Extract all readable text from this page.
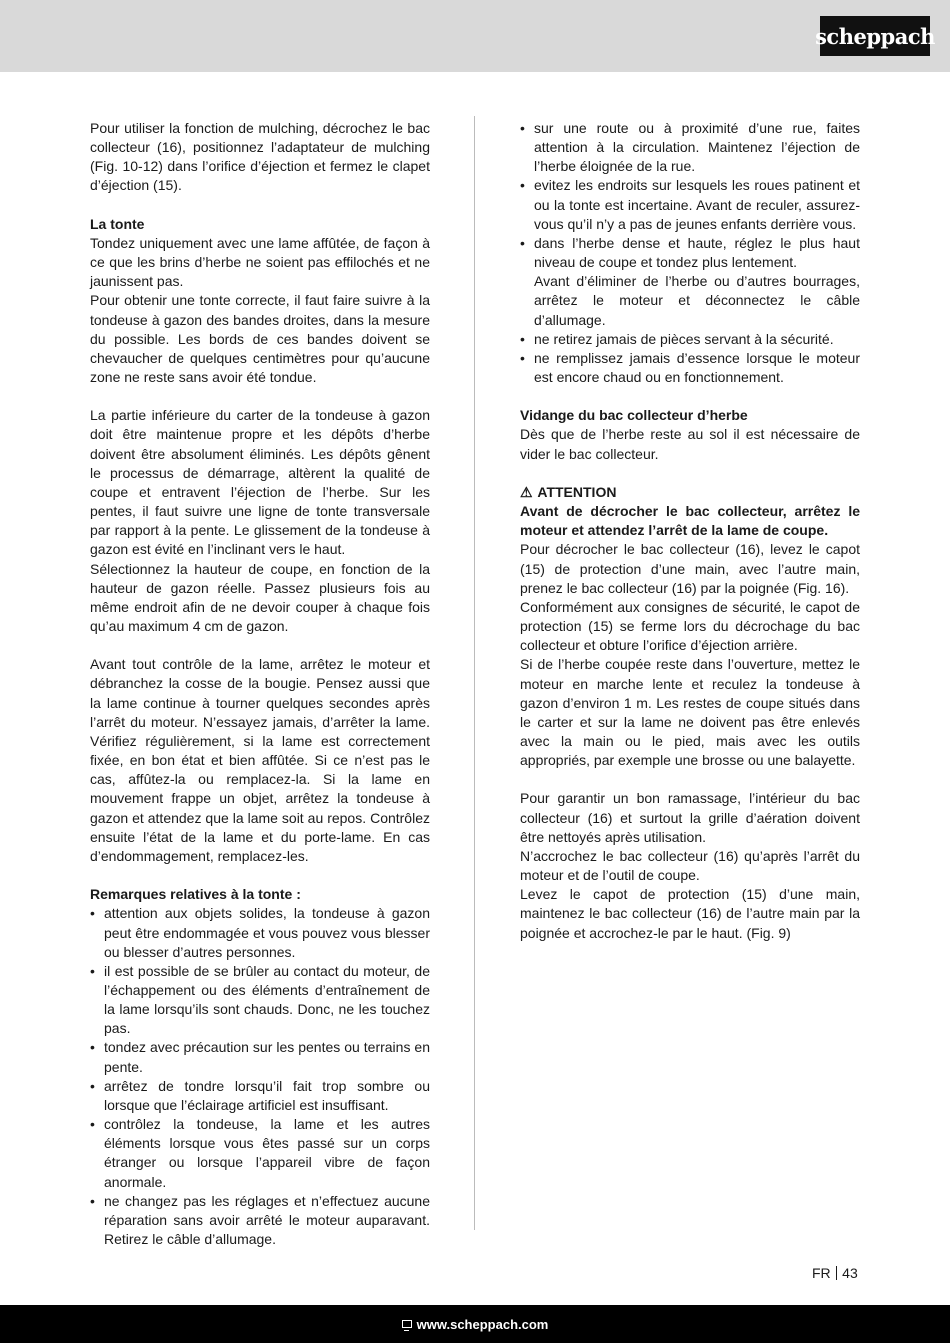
scheppach

Pour utiliser la fonction de mulching, décrochez le bac collecteur (16), positionnez l’adaptateur de mulching (Fig. 10-12) dans l’orifice d’éjection et fermez le clapet d’éjection (15).

La tonte

Tondez uniquement avec une lame affûtée, de façon à ce que les brins d’herbe ne soient pas effilochés et ne jaunissent pas.

Pour obtenir une tonte correcte, il faut faire suivre à la tondeuse à gazon des bandes droites, dans la mesure du possible. Les bords de ces bandes doivent se chevaucher de quelques centimètres pour qu’aucune zone ne reste sans avoir été tondue.

La partie inférieure du carter de la tondeuse à gazon doit être maintenue propre et les dépôts d’herbe doivent être absolument éliminés. Les dépôts gênent le processus de démarrage, altèrent la qualité de coupe et entravent l’éjection de l’herbe. Sur les pentes, il faut suivre une ligne de tonte transversale par rapport à la pente. Le glissement de la tondeuse à gazon est évité en l’inclinant vers le haut.

Sélectionnez la hauteur de coupe, en fonction de la hauteur de gazon réelle. Passez plusieurs fois au même endroit afin de ne devoir couper à chaque fois qu’au maximum 4 cm de gazon.

Avant tout contrôle de la lame, arrêtez le moteur et débranchez la cosse de la bougie. Pensez aussi que la lame continue à tourner quelques secondes après l’arrêt du moteur. N’essayez jamais, d’arrêter la lame. Vérifiez régulièrement, si la lame est correctement fixée, en bon état et bien affûtée. Si ce n’est pas le cas, affûtez-la ou remplacez-la. Si la lame en mouvement frappe un objet, arrêtez la tondeuse à gazon et attendez que la lame soit au repos. Contrôlez ensuite l’état de la lame et du porte-lame. En cas d’endommagement, remplacez-les.

Remarques relatives à la tonte :

• attention aux objets solides, la tondeuse à gazon peut être endommagée et vous pouvez vous blesser ou blesser d’autres personnes.
• il est possible de se brûler au contact du moteur, de l’échappement ou des éléments d’entraînement de la lame lorsqu’ils sont chauds. Donc, ne les touchez pas.
• tondez avec précaution sur les pentes ou terrains en pente.
• arrêtez de tondre lorsqu’il fait trop sombre ou lorsque que l’éclairage artificiel est insuffisant.
• contrôlez la tondeuse, la lame et les autres éléments lorsque vous êtes passé sur un corps étranger ou lorsque l’appareil vibre de façon anormale.
• ne changez pas les réglages et n’effectuez aucune réparation sans avoir arrêté le moteur auparavant. Retirez le câble d’allumage.
• sur une route ou à proximité d’une rue, faites attention à la circulation. Maintenez l’éjection de l’herbe éloignée de la rue.
• evitez les endroits sur lesquels les roues patinent et ou la tonte est incertaine. Avant de reculer, assurez-vous qu’il n’y a pas de jeunes enfants derrière vous.
• dans l’herbe dense et haute, réglez le plus haut niveau de coupe et tondez plus lentement.

Avant d’éliminer de l’herbe ou d’autres bourrages, arrêtez le moteur et déconnectez le câble d’allumage.

• ne retirez jamais de pièces servant à la sécurité.
• ne remplissez jamais d’essence lorsque le moteur est encore chaud ou en fonctionnement.

Vidange du bac collecteur d’herbe

Dès que de l’herbe reste au sol il est nécessaire de vider le bac collecteur.

⚠ ATTENTION

Avant de décrocher le bac collecteur, arrêtez le moteur et attendez l’arrêt de la lame de coupe.

Pour décrocher le bac collecteur (16), levez le capot (15) de protection d’une main, avec l’autre main, prenez le bac collecteur (16) par la poignée (Fig. 16).

Conformément aux consignes de sécurité, le capot de protection (15) se ferme lors du décrochage du bac collecteur et obture l’orifice d’éjection arrière.

Si de l’herbe coupée reste dans l’ouverture, mettez le moteur en marche lente et reculez la tondeuse à gazon d’environ 1 m. Les restes de coupe situés dans le carter et sur la lame ne doivent pas être enlevés avec la main ou le pied, mais avec les outils appropriés, par exemple une brosse ou une balayette.

Pour garantir un bon ramassage, l’intérieur du bac collecteur (16) et surtout la grille d’aération doivent être nettoyés après utilisation.

N’accrochez le bac collecteur (16) qu’après l’arrêt du moteur et de l’outil de coupe.

Levez le capot de protection (15) d’une main, maintenez le bac collecteur (16) de l’autre main par la poignée et accrochez-le par le haut. (Fig. 9)

FR 43
www.scheppach.com
